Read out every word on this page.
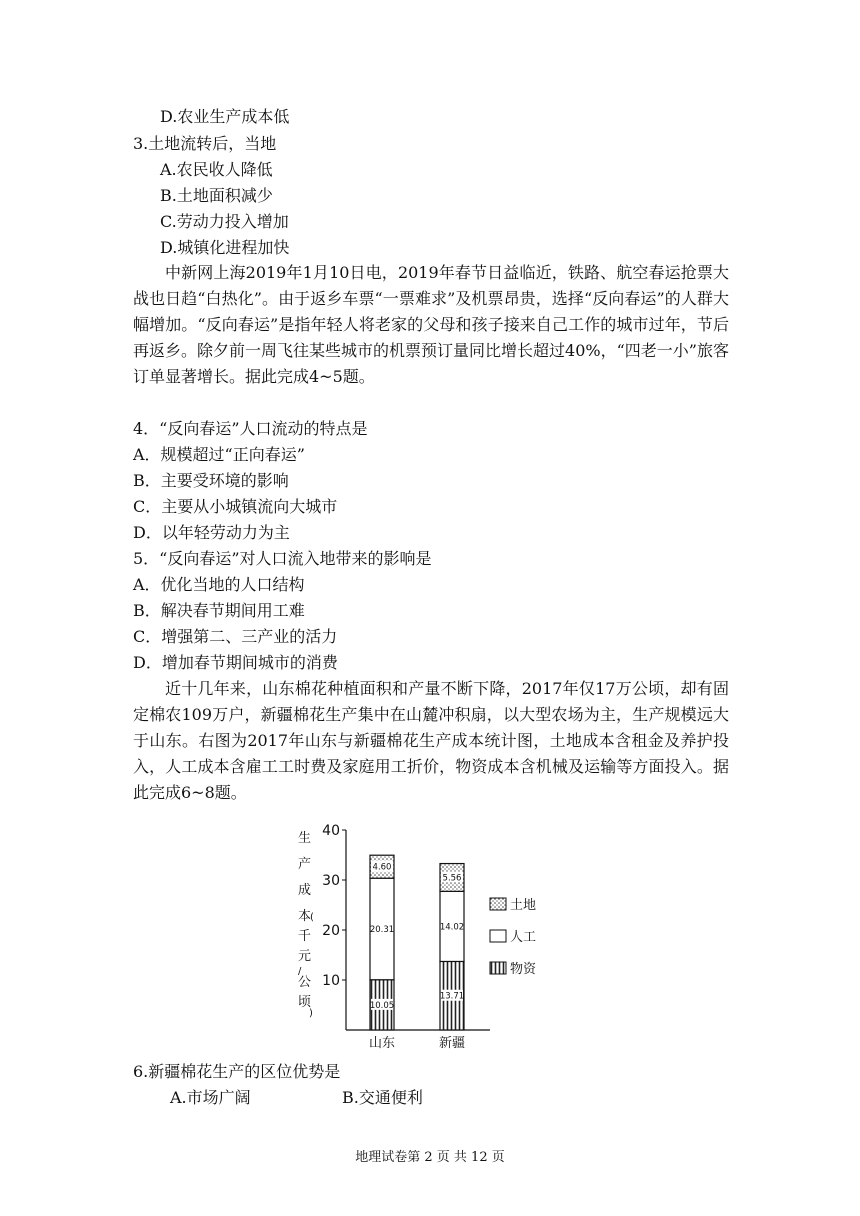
D.农业生产成本低
3.土地流转后，当地
A.农民收人降低
B.土地面积减少
C.劳动力投入增加
D.城镇化进程加快
中新网上海2019年1月10日电，2019年春节日益临近，铁路、航空春运抢票大战也日趋“白热化”。由于返乡车票“一票难求”及机票昂贵，选择“反向春运”的人群大幅增加。“反向春运”是指年轻人将老家的父母和孩子接来自己工作的城市过年，节后再返乡。除夕前一周飞往某些城市的机票预订量同比增长超过40%，“四老一小”旅客订单显著增长。据此完成4~5题。
4．“反向春运”人口流动的特点是
A．规模超过“正向春运”
B．主要受环境的影响
C．主要从小城镇流向大城市
D．以年轻劳动力为主
5．“反向春运”对人口流入地带来的影响是
A．优化当地的人口结构
B．解决春节期间用工难
C．增强第二、三产业的活力
D．增加春节期间城市的消费
近十几年来，山东棉花种植面积和产量不断下降，2017年仅17万公顷，却有固定棉农109万户，新疆棉花生产集中在山麓冲积扇，以大型农场为主，生产规模远大于山东。右图为2017年山东与新疆棉花生产成本统计图，土地成本含租金及养护投入，人工成本含雇工工时费及家庭用工折价，物资成本含机械及运输等方面投入。据此完成6~8题。
生
产
成
本
(
千
元
/
公
顷
)
10
20
30
40
10.05
20.31
4.60
山东
13.71
14.02
5.56
新疆
土地
人工
物资
6.新疆棉花生产的区位优势是
A.市场广阔	B.交通便利
地理试卷第 2 页 共 12 页
